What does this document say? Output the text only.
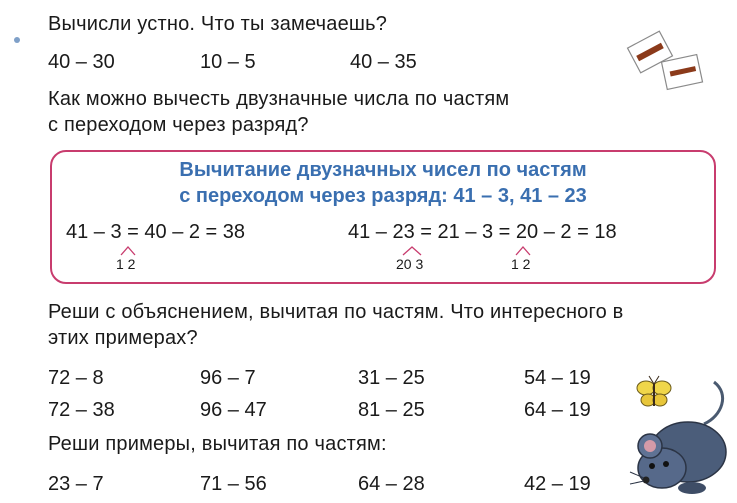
Вычисли устно. Что ты замечаешь?
40 – 30	10 – 5	40 – 35
Как можно вычесть двузначные числа по частям
с переходом через разряд?
Вычитание двузначных чисел по частям
с переходом через разряд: 41 – 3, 41 – 23
41 – 3 = 40 – 2 = 38	41 – 23 = 21 – 3 = 20 – 2 = 18
1 2	20 3	1 2
Реши с объяснением, вычитая по частям. Что интересного в
этих примерах?
72 – 8	96 – 7	31 – 25	54 – 19
72 – 38	96 – 47	81 – 25	64 – 19
Реши примеры, вычитая по частям:
23 – 7	71 – 56	64 – 28	42 – 19
